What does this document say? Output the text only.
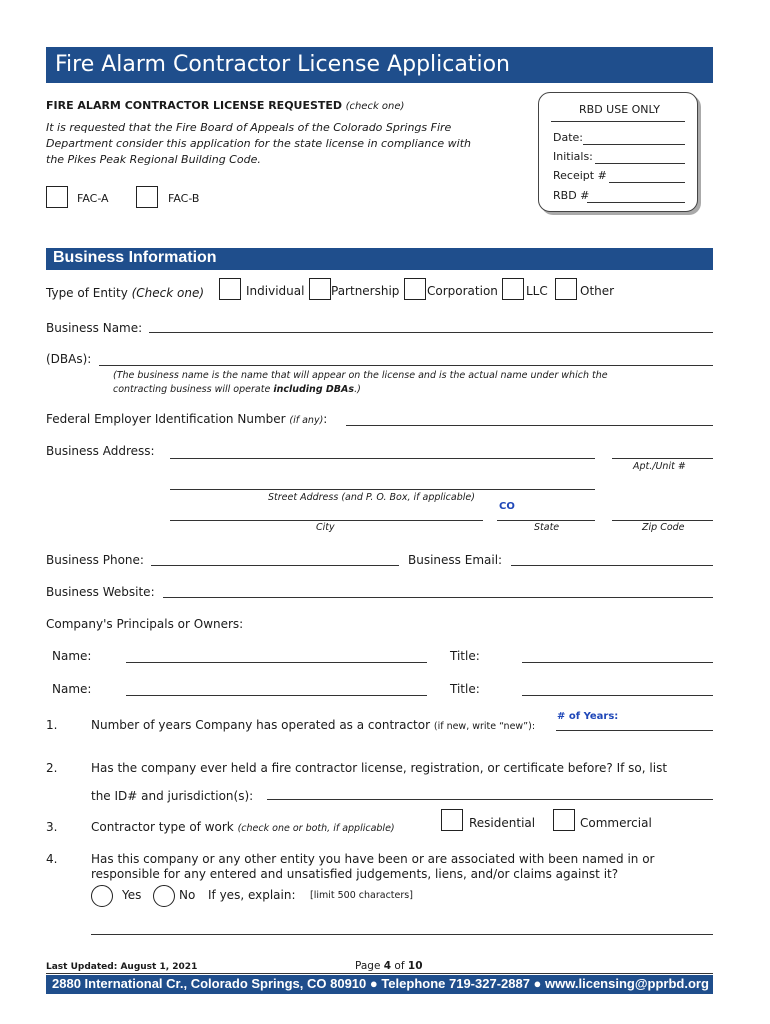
Fire Alarm Contractor License Application
FIRE ALARM CONTRACTOR LICENSE REQUESTED (check one)
It is requested that the Fire Board of Appeals of the Colorado Springs Fire
Department consider this application for the state license in compliance with
the Pikes Peak Regional Building Code.
FAC-A	FAC-B
RBD USE ONLY
Date:
Initials:
Receipt #
RBD #
Business Information
Type of Entity (Check one)	Individual Partnership Corporation LLC	Other
Business Name:
(DBAs):
(The business name is the name that will appear on the license and is the actual name under which the
contracting business will operate including DBAs.)
Federal Employer Identification Number (if any):
Business Address:
Apt./Unit #
Street Address (and P. O. Box, if applicable)
CO
City	State	Zip Code
Business Phone:	Business Email:
Business Website:
Company's Principals or Owners:
Name:	Title:
Name:	Title:
1.	Number of years Company has operated as a contractor (if new, write “new”):
# of Years:
2.	Has the company ever held a fire contractor license, registration, or certificate before? If so, list
the ID# and jurisdiction(s):
3.	Contractor type of work (check one or both, if applicable)	Residential	Commercial
4.	Has this company or any other entity you have been or are associated with been named in or
responsible for any entered and unsatisfied judgements, liens, and/or claims against it?
Yes	No If yes, explain: [limit 500 characters]
Last Updated: August 1, 2021	Page 4 of 10
2880 International Cr., Colorado Springs, CO 80910 ● Telephone 719-327-2887 ● www.licensing@pprbd.org
